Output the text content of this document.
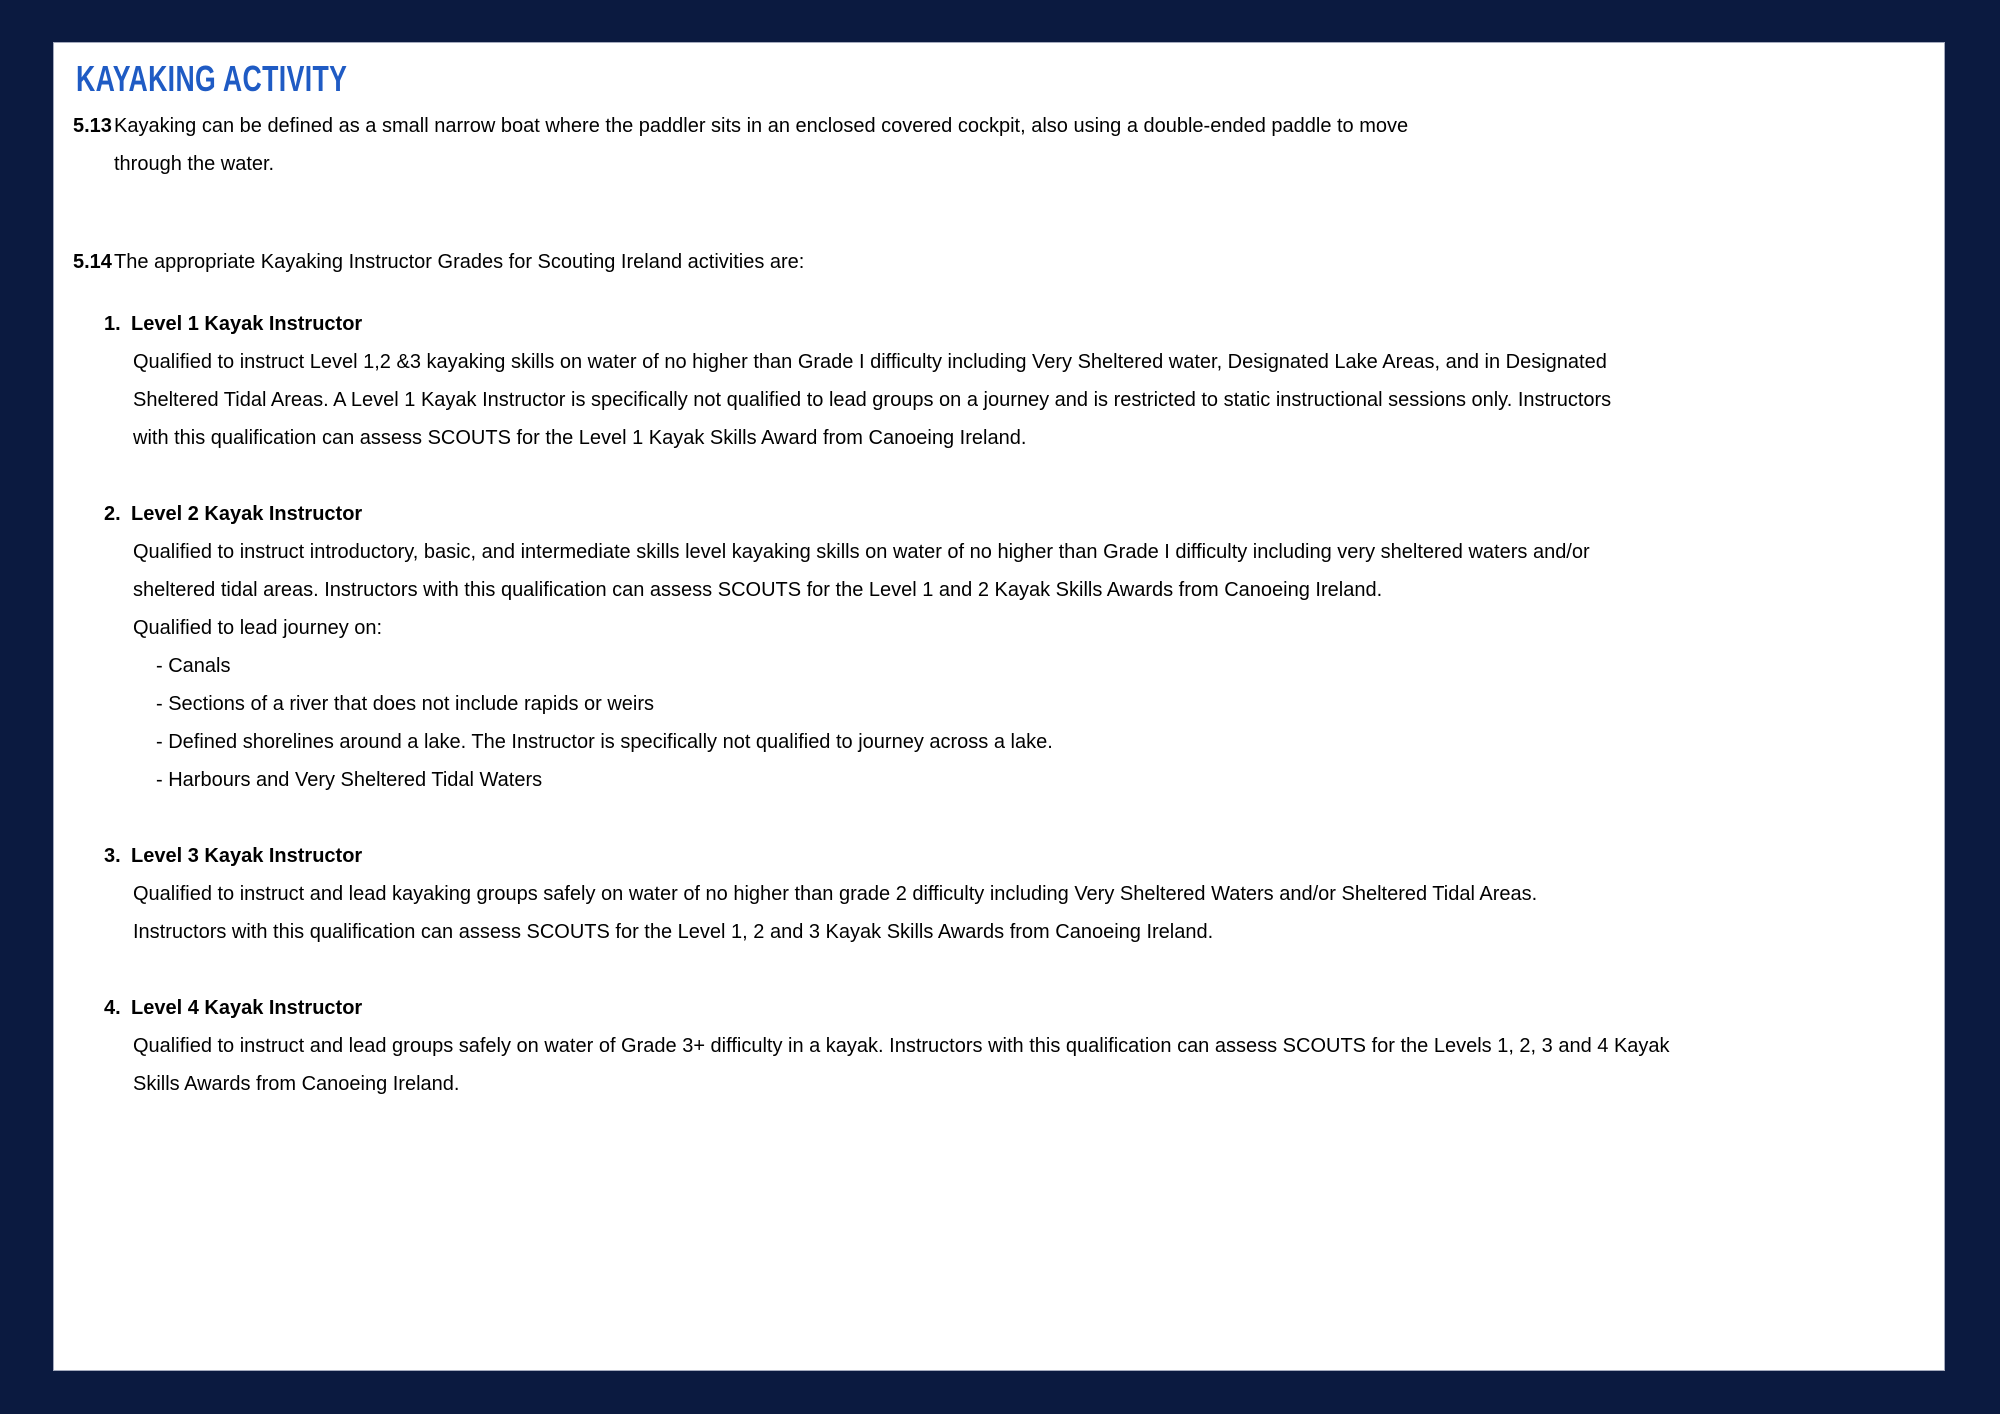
KAYAKING ACTIVITY

5.13 Kayaking can be defined as a small narrow boat where the paddler sits in an enclosed covered cockpit, also using a double-ended paddle to move through the water.

5.14 The appropriate Kayaking Instructor Grades for Scouting Ireland activities are:

1. Level 1 Kayak Instructor
Qualified to instruct Level 1,2 &3 kayaking skills on water of no higher than Grade I difficulty including Very Sheltered water, Designated Lake Areas, and in Designated Sheltered Tidal Areas. A Level 1 Kayak Instructor is specifically not qualified to lead groups on a journey and is restricted to static instructional sessions only. Instructors with this qualification can assess SCOUTS for the Level 1 Kayak Skills Award from Canoeing Ireland.
2. Level 2 Kayak Instructor
Qualified to instruct introductory, basic, and intermediate skills level kayaking skills on water of no higher than Grade I difficulty including very sheltered waters and/or sheltered tidal areas. Instructors with this qualification can assess SCOUTS for the Level 1 and 2 Kayak Skills Awards from Canoeing Ireland.
Qualified to lead journey on:
- Canals
- Sections of a river that does not include rapids or weirs
- Defined shorelines around a lake. The Instructor is specifically not qualified to journey across a lake.
- Harbours and Very Sheltered Tidal Waters
3. Level 3 Kayak Instructor
Qualified to instruct and lead kayaking groups safely on water of no higher than grade 2 difficulty including Very Sheltered Waters and/or Sheltered Tidal Areas. Instructors with this qualification can assess SCOUTS for the Level 1, 2 and 3 Kayak Skills Awards from Canoeing Ireland.
4. Level 4 Kayak Instructor
Qualified to instruct and lead groups safely on water of Grade 3+ difficulty in a kayak. Instructors with this qualification can assess SCOUTS for the Levels 1, 2, 3 and 4 Kayak Skills Awards from Canoeing Ireland.
